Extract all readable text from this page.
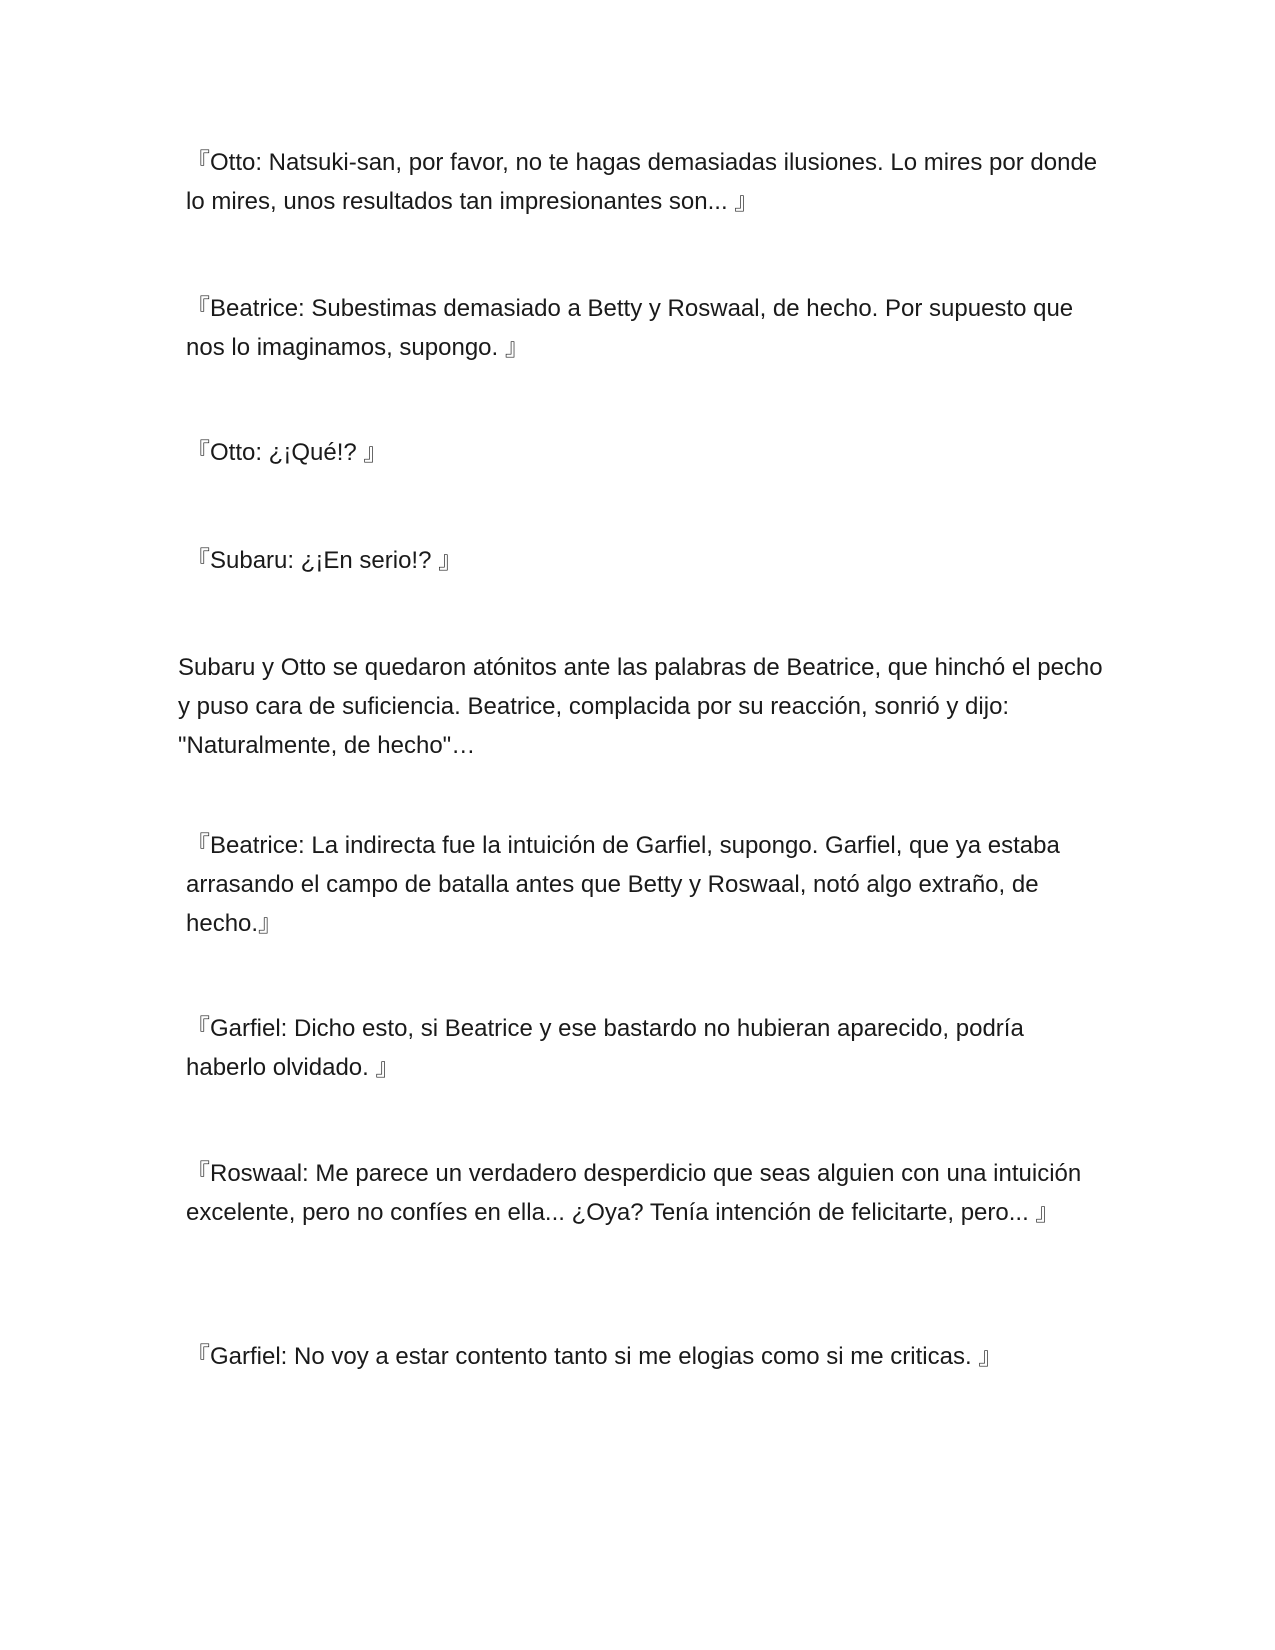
『Otto: Natsuki-san, por favor, no te hagas demasiadas ilusiones. Lo mires por donde lo mires, unos resultados tan impresionantes son... 』

『Beatrice: Subestimas demasiado a Betty y Roswaal, de hecho. Por supuesto que nos lo imaginamos, supongo. 』

『Otto: ¿¡Qué!? 』

『Subaru: ¿¡En serio!? 』

Subaru y Otto se quedaron atónitos ante las palabras de Beatrice, que hinchó el pecho y puso cara de suficiencia. Beatrice, complacida por su reacción, sonrió y dijo: "Naturalmente, de hecho"…

『Beatrice: La indirecta fue la intuición de Garfiel, supongo. Garfiel, que ya estaba arrasando el campo de batalla antes que Betty y Roswaal, notó algo extraño, de hecho.』

『Garfiel: Dicho esto, si Beatrice y ese bastardo no hubieran aparecido, podría haberlo olvidado. 』

『Roswaal: Me parece un verdadero desperdicio que seas alguien con una intuición excelente, pero no confíes en ella... ¿Oya? Tenía intención de felicitarte, pero... 』

『Garfiel: No voy a estar contento tanto si me elogias como si me criticas. 』
